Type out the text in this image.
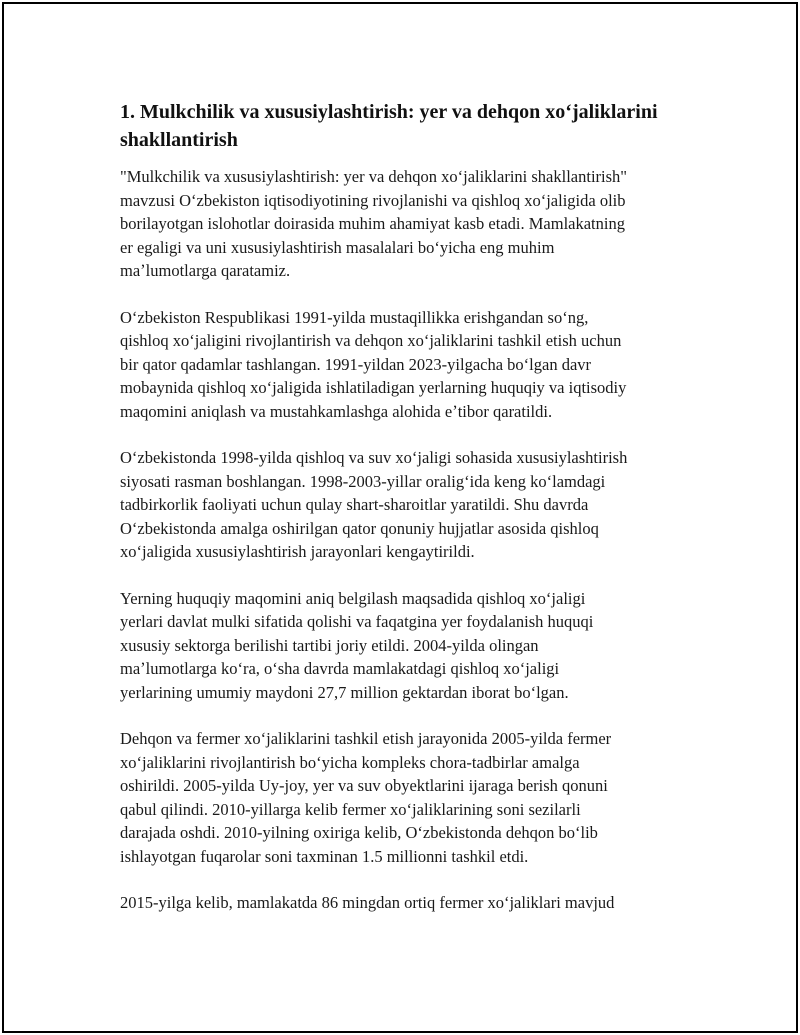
1. Mulkchilik va xususiylashtirish: yer va dehqon xoʻjaliklarini shakllantirish

"Mulkchilik va xususiylashtirish: yer va dehqon xoʻjaliklarini shakllantirish"
mavzusi Oʻzbekiston iqtisodiyotining rivojlanishi va qishloq xoʻjaligida olib
borilayotgan islohotlar doirasida muhim ahamiyat kasb etadi. Mamlakatning
er egaligi va uni xususiylashtirish masalalari boʻyicha eng muhim
maʼlumotlarga qaratamiz.

Oʻzbekiston Respublikasi 1991-yilda mustaqillikka erishgandan soʻng,
qishloq xoʻjaligini rivojlantirish va dehqon xoʻjaliklarini tashkil etish uchun
bir qator qadamlar tashlangan. 1991-yildan 2023-yilgacha boʻlgan davr
mobaynida qishloq xoʻjaligida ishlatiladigan yerlarning huquqiy va iqtisodiy
maqomini aniqlash va mustahkamlashga alohida eʼtibor qaratildi.

Oʻzbekistonda 1998-yilda qishloq va suv xoʻjaligi sohasida xususiylashtirish
siyosati rasman boshlangan. 1998-2003-yillar oraligʻida keng koʻlamdagi
tadbirkorlik faoliyati uchun qulay shart-sharoitlar yaratildi. Shu davrda
Oʻzbekistonda amalga oshirilgan qator qonuniy hujjatlar asosida qishloq
xoʻjaligida xususiylashtirish jarayonlari kengaytirildi.

Yerning huquqiy maqomini aniq belgilash maqsadida qishloq xoʻjaligi
yerlari davlat mulki sifatida qolishi va faqatgina yer foydalanish huquqi
xususiy sektorga berilishi tartibi joriy etildi. 2004-yilda olingan
maʼlumotlarga koʻra, oʻsha davrda mamlakatdagi qishloq xoʻjaligi
yerlarining umumiy maydoni 27,7 million gektardan iborat boʻlgan.

Dehqon va fermer xoʻjaliklarini tashkil etish jarayonida 2005-yilda fermer
xoʻjaliklarini rivojlantirish boʻyicha kompleks chora-tadbirlar amalga
oshirildi. 2005-yilda Uy-joy, yer va suv obyektlarini ijaraga berish qonuni
qabul qilindi. 2010-yillarga kelib fermer xoʻjaliklarining soni sezilarli
darajada oshdi. 2010-yilning oxiriga kelib, Oʻzbekistonda dehqon boʻlib
ishlayotgan fuqarolar soni taxminan 1.5 millionni tashkil etdi.

2015-yilga kelib, mamlakatda 86 mingdan ortiq fermer xoʻjaliklari mavjud
